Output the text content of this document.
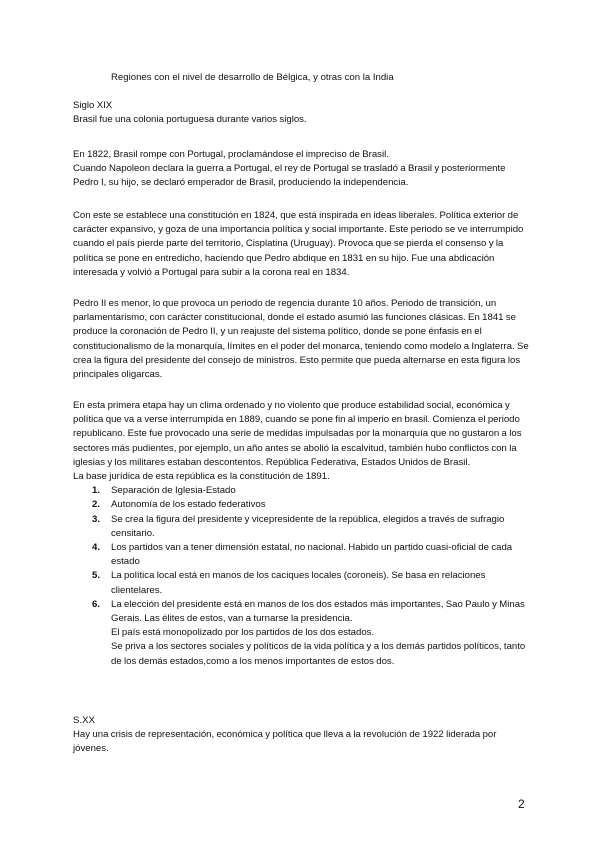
Regiones con el nivel de desarrollo de Bélgica, y otras con la India

Siglo XIX

Brasil fue una colonia portuguesa durante varios siglos.

En 1822, Brasil rompe con Portugal, proclamándose el impreciso de Brasil.

Cuando Napoleon declara la guerra a Portugal, el rey de Portugal se trasladó a Brasil y posteriormente Pedro I, su hijo, se declaró emperador de Brasil, produciendo la independencia.

Con este se establece una constitución en 1824, que está inspirada en ideas liberales. Política exterior de carácter expansivo, y goza de una importancia política y social importante. Este periodo se ve interrumpido cuando el país pierde parte del territorio, Cisplatina (Uruguay). Provoca que se pierda el consenso y la política se pone en entredicho, haciendo que Pedro abdique en 1831 en su hijo. Fue una abdicación interesada y volvió a Portugal para subir a la corona real en 1834.

Pedro II es menor, lo que provoca un periodo de regencia durante 10 años. Periodo de transición, un parlamentarismo, con carácter constitucional, donde el estado asumió las funciones clásicas. En 1841 se produce la coronación de Pedro II, y un reajuste del sistema político, donde se pone énfasis en el constitucionalismo de la monarquía, límites en el poder del monarca, teniendo como modelo a Inglaterra. Se crea la figura del presidente del consejo de ministros. Esto permite que pueda alternarse en esta figura los principales oligarcas.

En esta primera etapa hay un clima ordenado y no violento que produce estabilidad social, económica y política que va a verse interrumpida en 1889, cuando se pone fin al imperio en brasil. Comienza el periodo republicano. Este fue provocado una serie de medidas impulsadas por la monarquía que no gustaron a los sectores más pudientes, por ejemplo, un año antes se abolió la escalvitud, también hubo conflictos con la iglesias y los militares estaban descontentos. República Federativa, Estados Unidos de Brasil.

La base jurídica de esta república es la constitución de 1891.

1. Separación de Iglesia-Estado
2. Autonomía de los estado federativos
3. Se crea la figura del presidente y vicepresidente de la república, elegidos a través de sufragio censitario.
4. Los partidos van a tener dimensión estatal, no nacional. Habido un partido cuasi-oficial de cada estado
5. La política local está en manos de los caciques locales (coroneis). Se basa en relaciones clientelares.
6. La elección del presidente está en manos de los dos estados más importantes, Sao Paulo y Minas Gerais. Las élites de estos, van a turnarse la presidencia.

El país está monopolizado por los partidos de los dos estados.

Se priva a los sectores sociales y políticos de la vida política y a los demás partidos políticos, tanto de los demás estados,como a los menos importantes de estos dos.

S.XX

Hay una crisis de representación, económica y política que lleva a la revolución de 1922 liderada por jóvenes.

2
